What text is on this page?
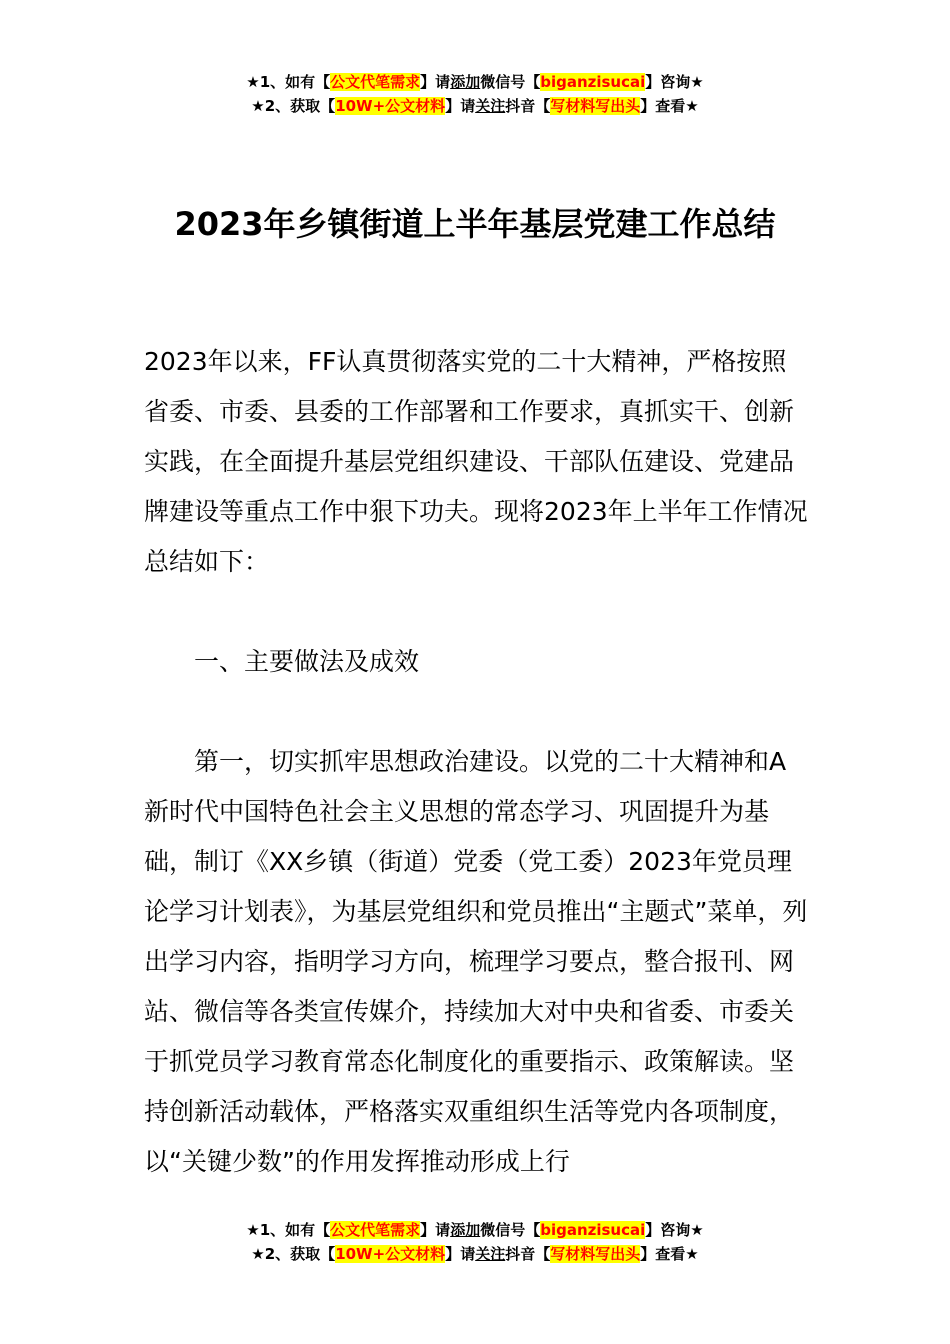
★1、如有【公文代笔需求】请添加微信号【biganzisucai】咨询★
★2、获取【10W+公文材料】请关注抖音【写材料写出头】查看★
2023年乡镇街道上半年基层党建工作总结

2023年以来，FF认真贯彻落实党的二十大精神，严格按照省委、市委、县委的工作部署和工作要求，真抓实干、创新实践，在全面提升基层党组织建设、干部队伍建设、党建品牌建设等重点工作中狠下功夫。现将2023年上半年工作情况总结如下：

一、主要做法及成效

第一，切实抓牢思想政治建设。以党的二十大精神和A新时代中国特色社会主义思想的常态学习、巩固提升为基础，制订《XX乡镇（街道）党委（党工委）2023年党员理论学习计划表》，为基层党组织和党员推出“主题式”菜单，列出学习内容，指明学习方向，梳理学习要点，整合报刊、网站、微信等各类宣传媒介，持续加大对中央和省委、市委关于抓党员学习教育常态化制度化的重要指示、政策解读。坚持创新活动载体，严格落实双重组织生活等党内各项制度，以“关键少数”的作用发挥推动形成上行

★1、如有【公文代笔需求】请添加微信号【biganzisucai】咨询★
★2、获取【10W+公文材料】请关注抖音【写材料写出头】查看★
